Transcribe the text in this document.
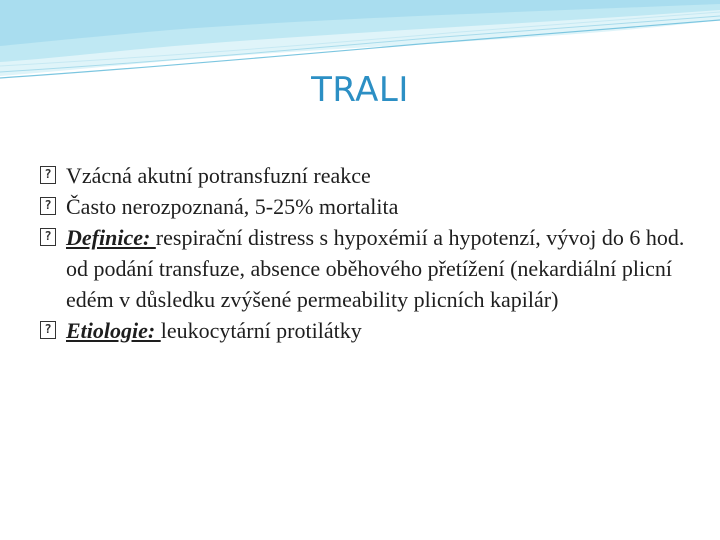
TRALI
?
Vzácná akutní potransfuzní reakce
?
Často nerozpoznaná, 5-25% mortalita
?
Definice: respirační distress s hypoxémií a hypotenzí, vývoj do 6 hod. od podání transfuze, absence oběhového přetížení (nekardiální plicní edém v důsledku zvýšené permeability plicních kapilár)
?
Etiologie: leukocytární protilátky
